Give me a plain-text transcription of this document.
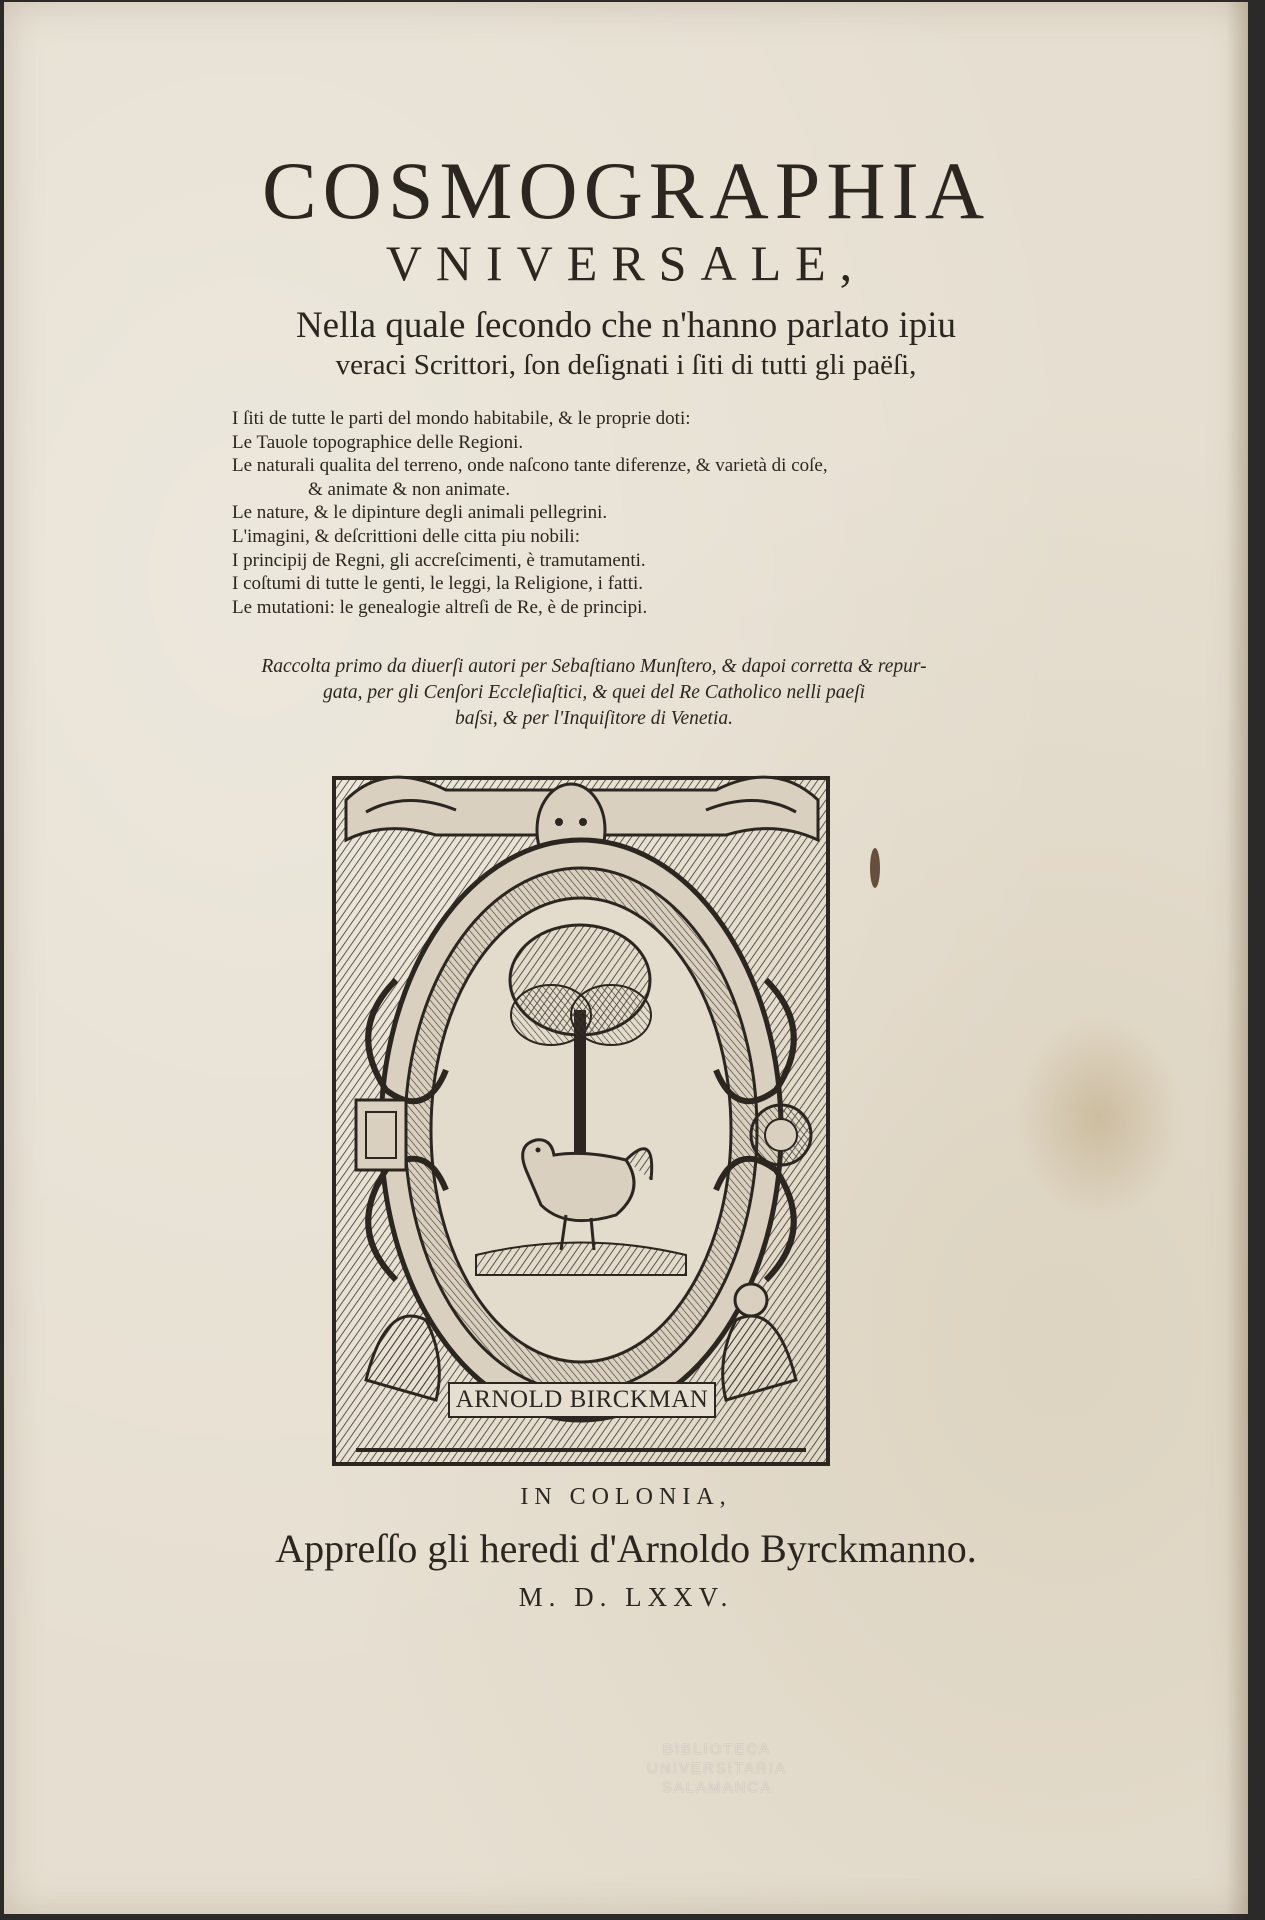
COSMOGRAPHIA
VNIVERSALE,
Nella quale ſecondo che n'hanno parlato ipiu
veraci Scrittori, ſon deſignati i ſiti di tutti gli paëſi,
I ſiti de tutte le parti del mondo habitabile, & le proprie doti:
Le Tauole topographice delle Regioni.
Le naturali qualita del terreno, onde naſcono tante diferenze, & varietà di coſe,
& animate & non animate.
Le nature, & le dipinture degli animali pellegrini.
L'imagini, & deſcrittioni delle citta piu nobili:
I principij de Regni, gli accreſcimenti, è tramutamenti.
I coſtumi di tutte le genti, le leggi, la Religione, i fatti.
Le mutationi: le genealogie altreſi de Re, è de principi.
Raccolta primo da diuerſi autori per Sebaſtiano Munſtero, & dapoi corretta & repur-
gata, per gli Cenſori Eccleſiaſtici, & quei del Re Catholico nelli paeſi
baſsi, & per l'Inquiſitore di Venetia.
ARNOLD BIRCKMAN
IN COLONIA,
Appreſſo gli heredi d'Arnoldo Byrckmanno.
M. D. LXXV.
BIBLIOTECA
UNIVERSITARIA
SALAMANCA
